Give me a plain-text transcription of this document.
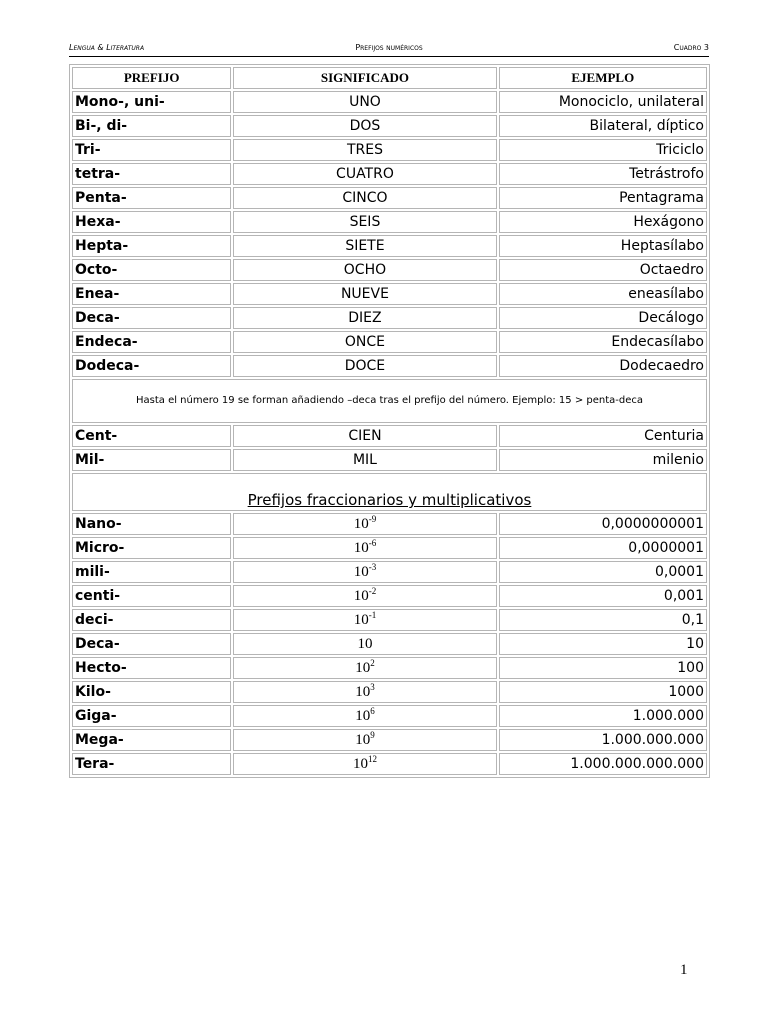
Lengua & Literatura	Prefijos numéricos	Cuadro 3
PREFIJO	SIGNIFICADO	EJEMPLO
Mono-, uni-	UNO	Monociclo, unilateral
Bi-, di-	DOS	Bilateral, díptico
Tri-	TRES	Triciclo
tetra-	CUATRO	Tetrástrofo
Penta-	CINCO	Pentagrama
Hexa-	SEIS	Hexágono
Hepta-	SIETE	Heptasílabo
Octo-	OCHO	Octaedro
Enea-	NUEVE	eneasílabo
Deca-	DIEZ	Decálogo
Endeca-	ONCE	Endecasílabo
Dodeca-	DOCE	Dodecaedro
Hasta el número 19 se forman añadiendo –deca tras el prefijo del número. Ejemplo: 15 > penta-deca		
Cent-	CIEN	Centuria
Mil-	MIL	milenio
Prefijos fraccionarios y multiplicativos		
Nano-	$10^{-9}$	0,0000000001
Micro-	$10^{-6}$	0,0000001
mili-	$10^{-3}$	0,0001
centi-	$10^{-2}$	0,001
deci-	$10^{-1}$	0,1
Deca-	10	10
Hecto-	$10^2$	100
Kilo-	$10^3$	1000
Giga-	$10^6$	1.000.000
Mega-	$10^9$	1.000.000.000
Tera-	$10^{12}$	1.000.000.000.000
1
